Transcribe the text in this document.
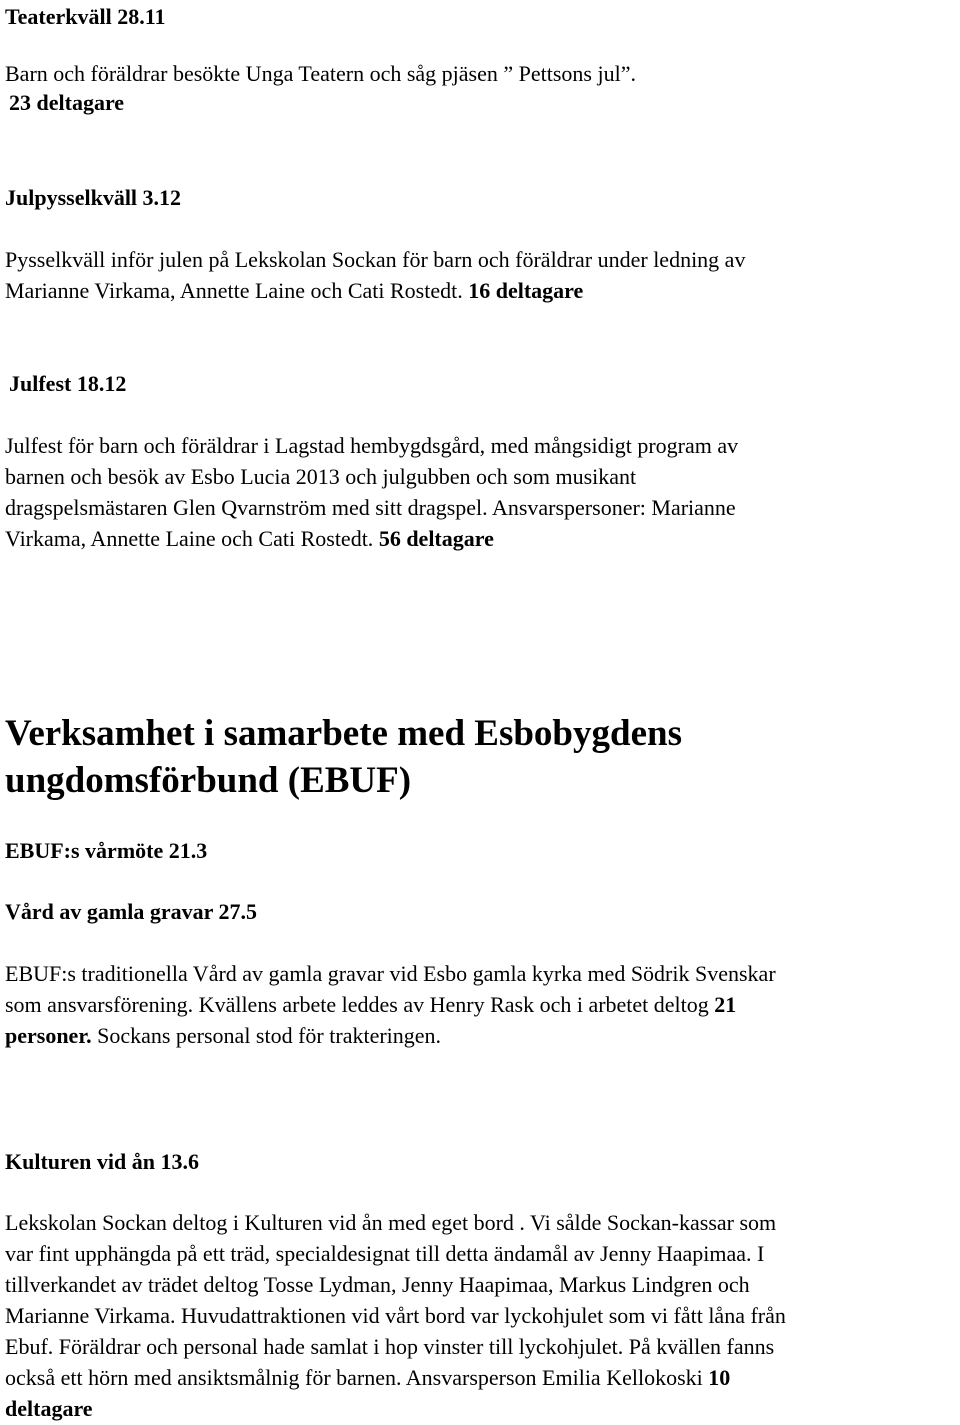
Teaterkväll 28.11
Barn och föräldrar besökte Unga Teatern och såg pjäsen ” Pettsons jul”.
23 deltagare
Julpysselkväll 3.12
Pysselkväll inför julen på Lekskolan Sockan för barn och föräldrar under ledning av
Marianne Virkama, Annette Laine och Cati Rostedt. 16 deltagare
Julfest 18.12
Julfest för barn och föräldrar i Lagstad hembygdsgård, med mångsidigt program av
barnen och besök av Esbo Lucia 2013 och julgubben och som musikant
dragspelsmästaren Glen Qvarnström med sitt dragspel. Ansvarspersoner: Marianne
Virkama, Annette Laine och Cati Rostedt. 56 deltagare
Verksamhet i samarbete med Esbobygdens
ungdomsförbund (EBUF)
EBUF:s vårmöte 21.3
Vård av gamla gravar 27.5
EBUF:s traditionella Vård av gamla gravar vid Esbo gamla kyrka med Södrik Svenskar
som ansvarsförening. Kvällens arbete leddes av Henry Rask och i arbetet deltog 21
personer. Sockans personal stod för trakteringen.
Kulturen vid ån 13.6
Lekskolan Sockan deltog i Kulturen vid ån med eget bord . Vi sålde Sockan-kassar som
var fint upphängda på ett träd, specialdesignat till detta ändamål av Jenny Haapimaa. I
tillverkandet av trädet deltog Tosse Lydman, Jenny Haapimaa, Markus Lindgren och
Marianne Virkama. Huvudattraktionen vid vårt bord var lyckohjulet som vi fått låna från
Ebuf. Föräldrar och personal hade samlat i hop vinster till lyckohjulet. På kvällen fanns
också ett hörn med ansiktsmålnig för barnen. Ansvarsperson Emilia Kellokoski 10
deltagare
